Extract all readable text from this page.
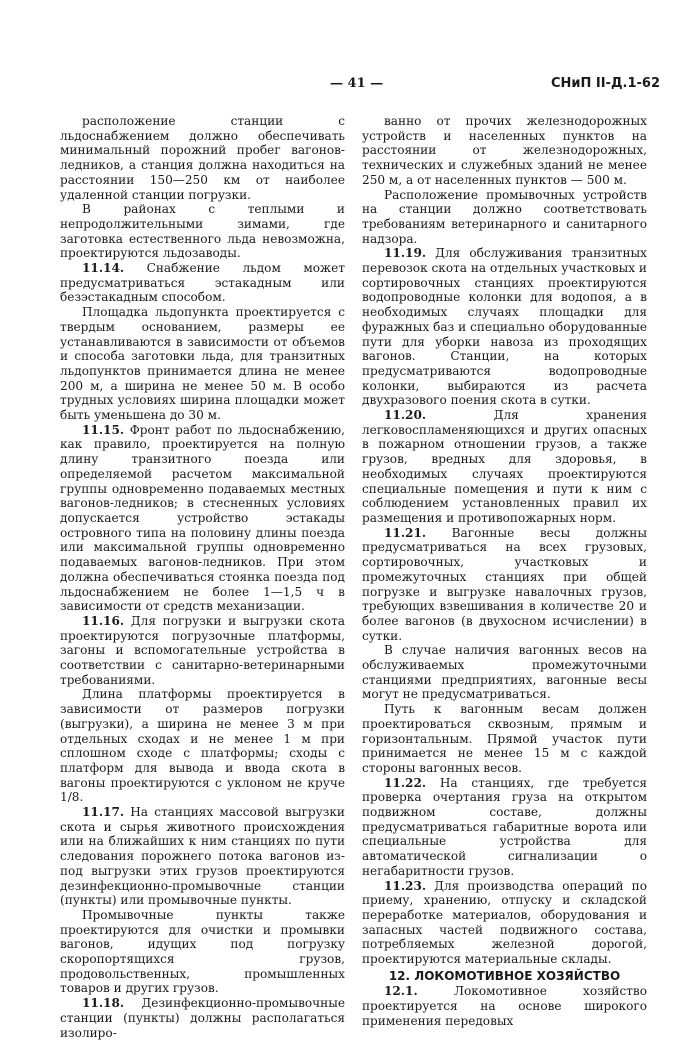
— 41 —	СНиП II-Д.1-62

расположение станции с льдоснабжением должно обеспечивать минимальный порожний пробег вагонов-ледников, а станция должна находиться на расстоянии 150—250 км от наиболее удаленной станции погрузки.

В районах с теплыми и непродолжительными зимами, где заготовка естественного льда невозможна, проектируются льдозаводы.

11.14. Снабжение льдом может предусматриваться эстакадным или безэстакадным способом.

Площадка льдопункта проектируется с твердым основанием, размеры ее устанавливаются в зависимости от объемов и способа заготовки льда, для транзитных льдопунктов принимается длина не менее 200 м, а ширина не менее 50 м. В особо трудных условиях ширина площадки может быть уменьшена до 30 м.

11.15. Фронт работ по льдоснабжению, как правило, проектируется на полную длину транзитного поезда или определяемой расчетом максимальной группы одновременно подаваемых местных вагонов-ледников; в стесненных условиях допускается устройство эстакады островного типа на половину длины поезда или максимальной группы одновременно подаваемых вагонов-ледников. При этом должна обеспечиваться стоянка поезда под льдоснабжением не более 1—1,5 ч в зависимости от средств механизации.

11.16. Для погрузки и выгрузки скота проектируются погрузочные платформы, загоны и вспомогательные устройства в соответствии с санитарно-ветеринарными требованиями.

Длина платформы проектируется в зависимости от размеров погрузки (выгрузки), а ширина не менее 3 м при отдельных сходах и не менее 1 м при сплошном сходе с платформы; сходы с платформ для вывода и ввода скота в вагоны проектируются с уклоном не круче 1/8.

11.17. На станциях массовой выгрузки скота и сырья животного происхождения или на ближайших к ним станциях по пути следования порожнего потока вагонов из-под выгрузки этих грузов проектируются дезинфекционно-промывочные станции (пункты) или промывочные пункты.

Промывочные пункты также проектируются для очистки и промывки вагонов, идущих под погрузку скоропортящихся грузов, продовольственных, промышленных товаров и других грузов.

11.18. Дезинфекционно-промывочные станции (пункты) должны располагаться изолиро-

ванно от прочих железнодорожных устройств и населенных пунктов на расстоянии от железнодорожных, технических и служебных зданий не менее 250 м, а от населенных пунктов — 500 м.

Расположение промывочных устройств на станции должно соответствовать требованиям ветеринарного и санитарного надзора.

11.19. Для обслуживания транзитных перевозок скота на отдельных участковых и сортировочных станциях проектируются водопроводные колонки для водопоя, а в необходимых случаях площадки для фуражных баз и специально оборудованные пути для уборки навоза из проходящих вагонов. Станции, на которых предусматриваются водопроводные колонки, выбираются из расчета двухразового поения скота в сутки.

11.20.	Для хранения легковоспламеняющихся и других опасных в пожарном отношении грузов, а также грузов, вредных для здоровья, в необходимых случаях проектируются специальные помещения и пути к ним с соблюдением установленных правил их размещения и противопожарных норм.

11.21. Вагонные весы должны предусматриваться на всех грузовых, сортировочных, участковых и промежуточных станциях при общей погрузке и выгрузке навалочных грузов, требующих взвешивания в количестве 20 и более вагонов (в двухосном исчислении) в сутки.

В случае наличия вагонных весов на обслуживаемых промежуточными станциями предприятиях, вагонные весы могут не предусматриваться.

Путь к вагонным весам должен проектироваться сквозным, прямым и горизонтальным. Прямой участок пути принимается не менее 15 м с каждой стороны вагонных весов.

11.22. На станциях, где требуется проверка очертания груза на открытом подвижном составе, должны предусматриваться габаритные ворота или специальные устройства для автоматической сигнализации о негабаритности грузов.

11.23. Для производства операций по приему, хранению, отпуску и складской переработке материалов, оборудования и запасных частей подвижного состава, потребляемых железной дорогой, проектируются материальные склады.

12. ЛОКОМОТИВНОЕ ХОЗЯЙСТВО

12.1.	Локомотивное хозяйство проектируется на основе широкого применения передовых
